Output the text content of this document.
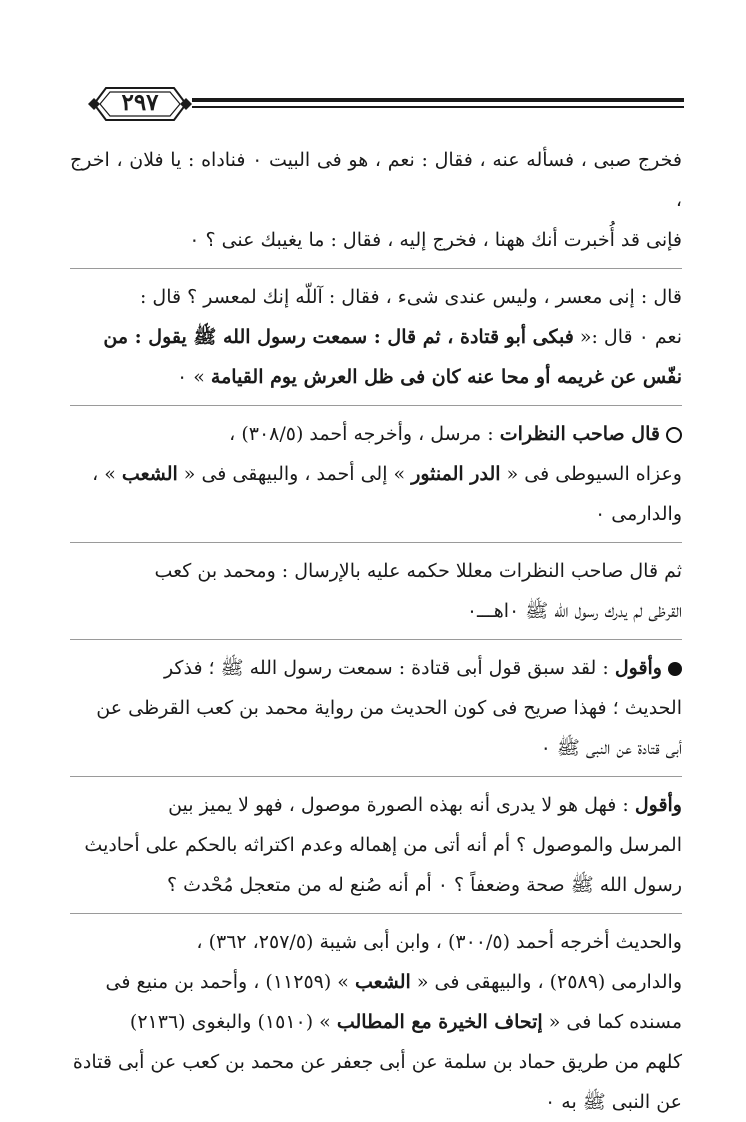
٢٩٧

فخرج صبى ، فسأله عنه ، فقال : نعم ، هو فى البيت ٠ فناداه : يا فلان ، اخرج ،

فإنى قد أُخبرت أنك ههنا ، فخرج إليه ، فقال : ما يغيبك عنى ؟ ٠

قال : إنى معسر ، وليس عندى شىء ، فقال : آللّه إنك لمعسر ؟ قال :

نعم ٠ قال :« فبكى أبو قتادة ، ثم قال : سمعت رسول الله ﷺ يقول : من

نفّس عن غريمه أو محا عنه كان فى ظل العرش يوم القيامة » ٠

قال صاحب النظرات : مرسل ، وأخرجه أحمد (٣٠٨/٥) ،

وعزاه السيوطى فى « الدر المنثور » إلى أحمد ، والبيهقى فى « الشعب » ،

والدارمى ٠

ثم قال صاحب النظرات معللا حكمه عليه بالإرسال : ومحمد بن كعب

القرظى لم يدرك رسول الله ﷺ ٠اهـــ٠

وأقول : لقد سبق قول أبى قتادة : سمعت رسول الله ﷺ ؛ فذكر

الحديث ؛ فهذا صريح فى كون الحديث من رواية محمد بن كعب القرظى عن

أبى قتادة عن النبى ﷺ ٠

وأقول : فهل هو لا يدرى أنه بهذه الصورة موصول ، فهو لا يميز بين

المرسل والموصول ؟ أم أنه أتى من إهماله وعدم اكتراثه بالحكم على أحاديث

رسول الله ﷺ صحة وضعفاً ؟ ٠ أم أنه صُنع له من متعجل مُحْدث ؟

والحديث أخرجه أحمد (٣٠٠/٥) ، وابن أبى شيبة (٢٥٧/٥، ٣٦٢) ،

والدارمى (٢٥٨٩) ، والبيهقى فى « الشعب » (١١٢٥٩) ، وأحمد بن منيع فى

مسنده كما فى « إتحاف الخيرة مع المطالب » (١٥١٠) والبغوى (٢١٣٦)

كلهم من طريق حماد بن سلمة عن أبى جعفر عن محمد بن كعب عن أبى قتادة

عن النبى ﷺ به ٠
